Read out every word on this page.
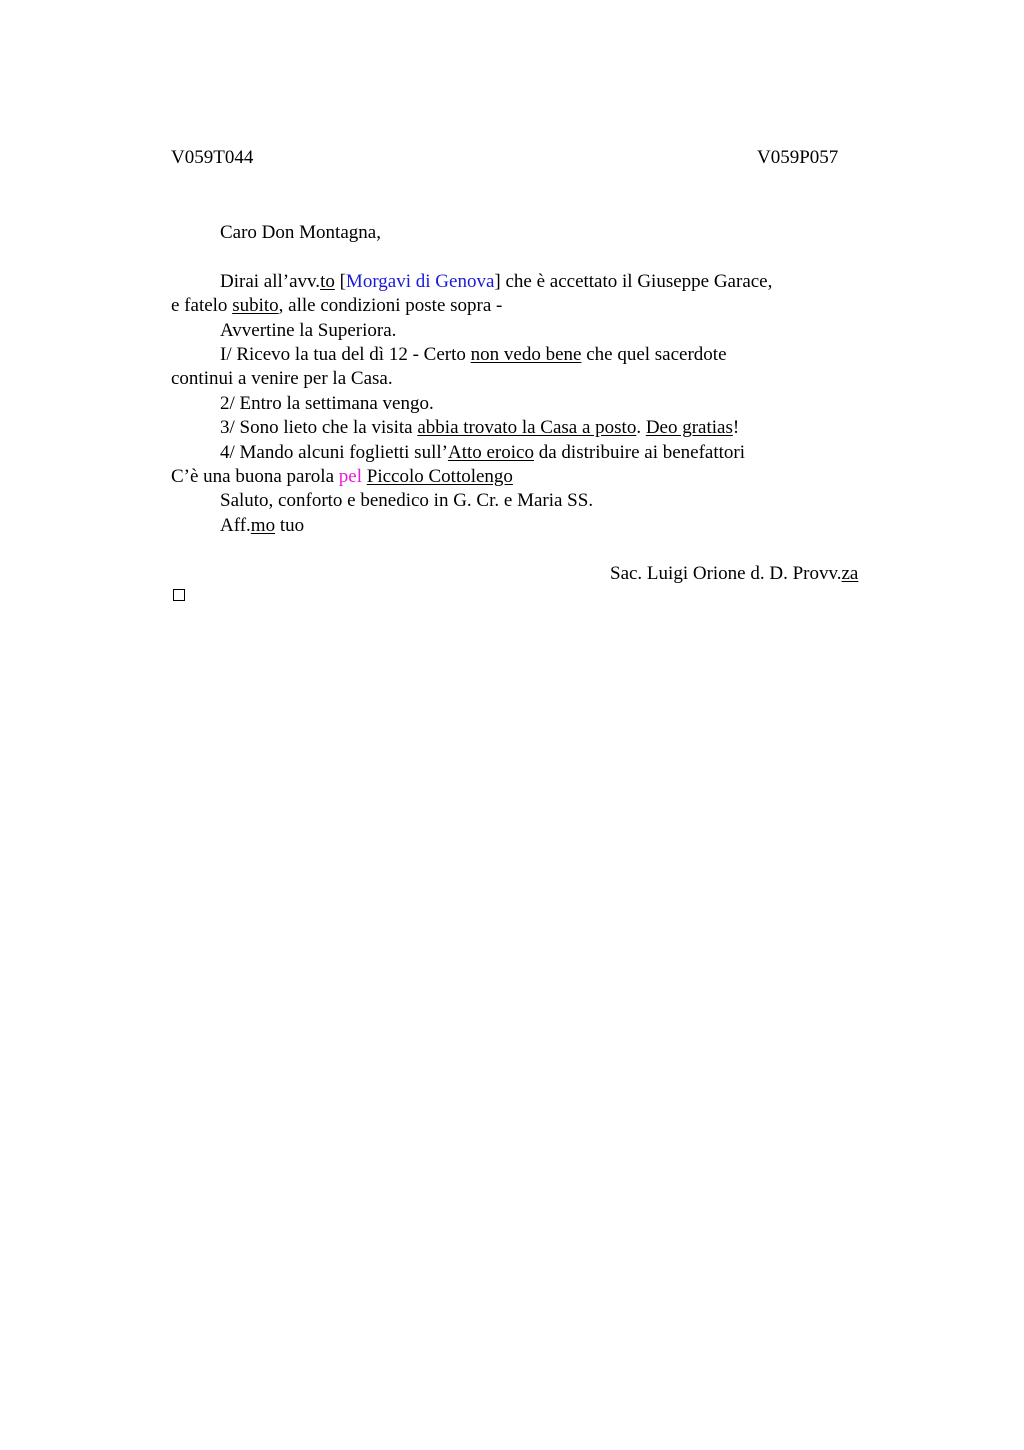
V059T044	V059P057
Caro Don Montagna,
Dirai all’avv.to [Morgavi di Genova] che è accettato il Giuseppe Garace,
e fatelo subito, alle condizioni poste sopra -
Avvertine la Superiora.
I/ Ricevo la tua del dì 12 - Certo non vedo bene che quel sacerdote
continui a venire per la Casa.
2/ Entro la settimana vengo.
3/ Sono lieto che la visita abbia trovato la Casa a posto. Deo gratias!
4/ Mando alcuni foglietti sull’Atto eroico da distribuire ai benefattori
C’è una buona parola pel Piccolo Cottolengo
Saluto, conforto e benedico in G. Cr. e Maria SS.
Aff.mo tuo
Sac. Luigi Orione d. D. Provv.za
